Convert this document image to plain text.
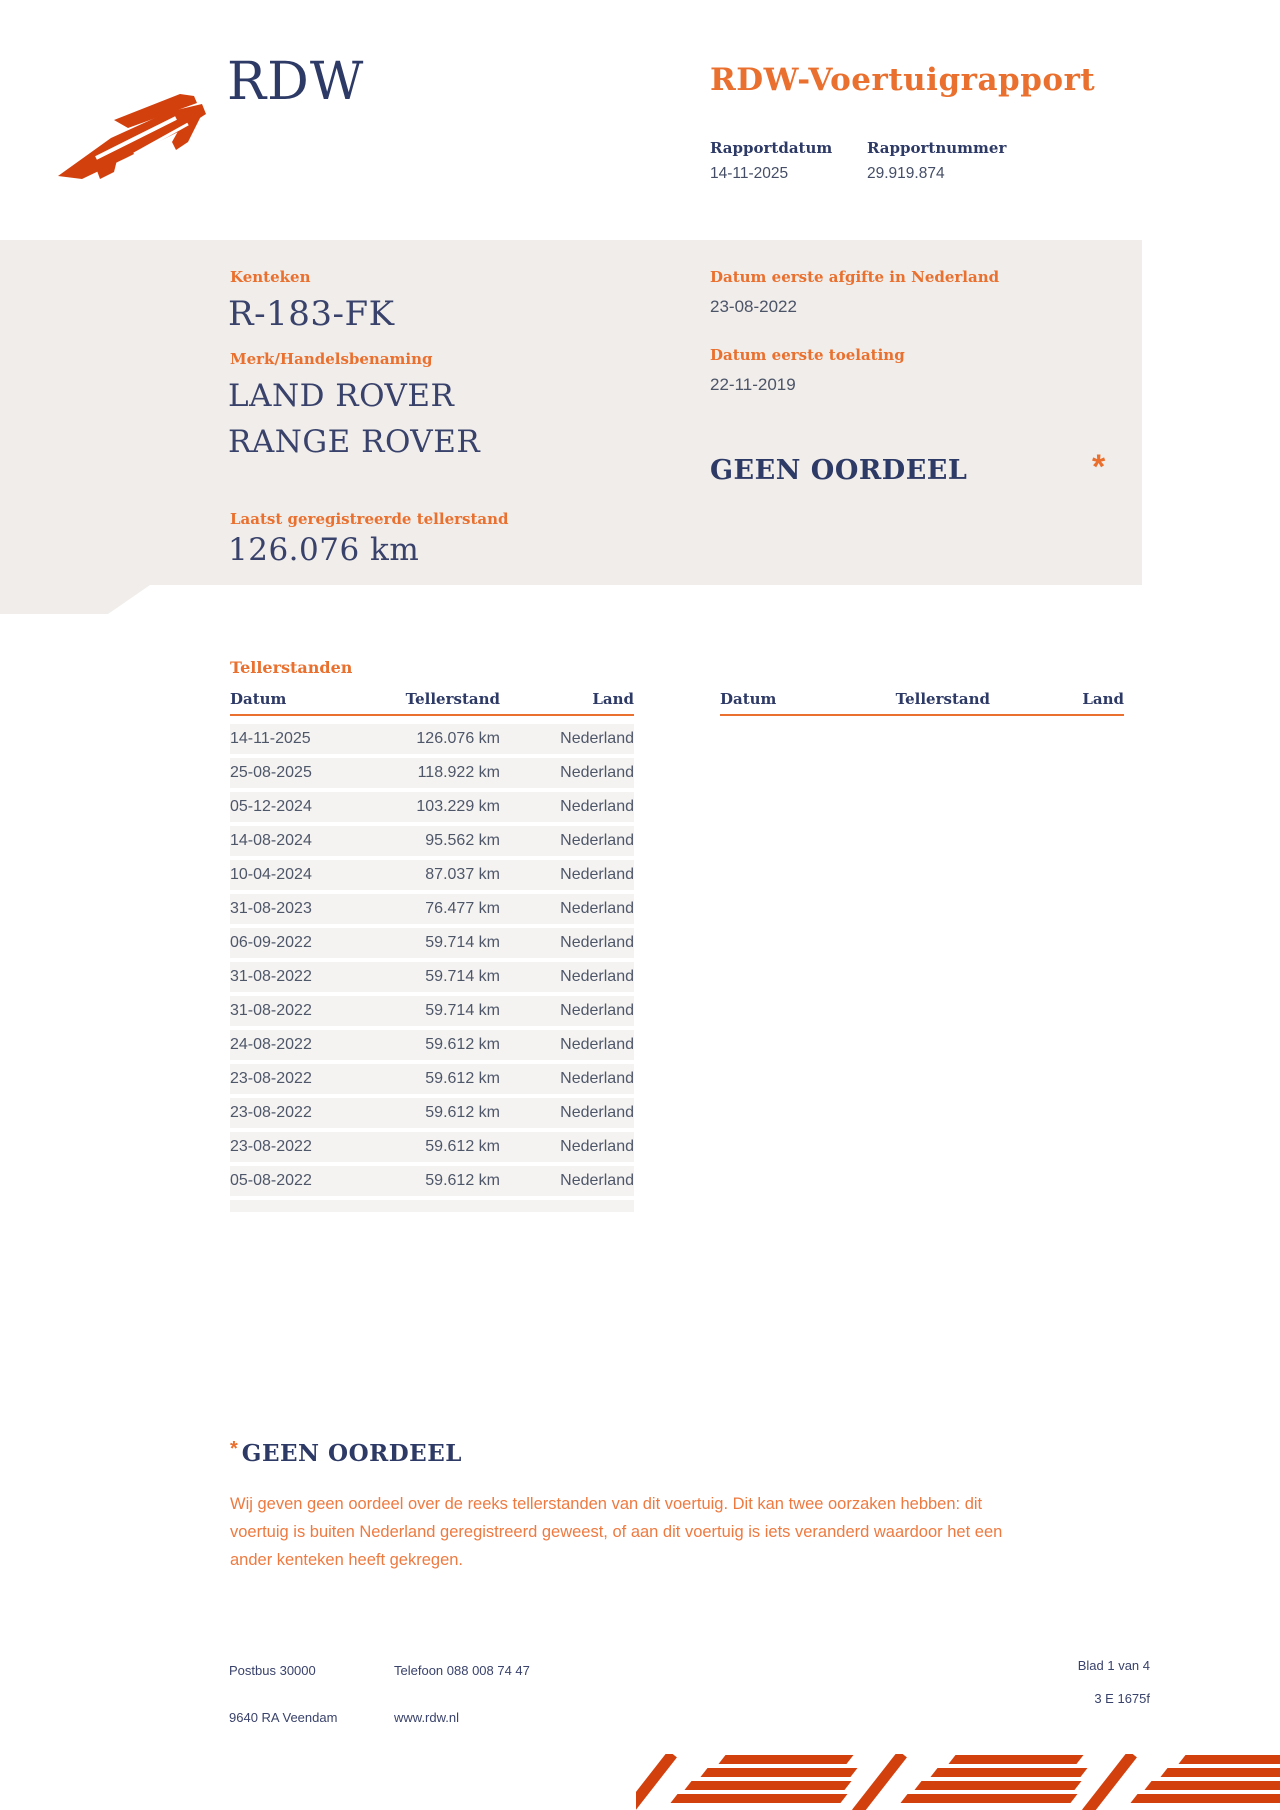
RDW	RDW-Voertuigrapport
Rapportdatum Rapportnummer
14-11-2025	29.919.874
Kenteken
R-183-FK
Merk/Handelsbenaming
LAND ROVER
RANGE ROVER
Laatst geregistreerde tellerstand
126.076 km
Datum eerste afgifte in Nederland
23-08-2022
Datum eerste toelating
22-11-2019
GEEN OORDEEL	*
Tellerstanden
Datum	Tellerstand	Land
14-11-2025	126.076 km	Nederland
25-08-2025	118.922 km	Nederland
05-12-2024	103.229 km	Nederland
14-08-2024	95.562 km	Nederland
10-04-2024	87.037 km	Nederland
31-08-2023	76.477 km	Nederland
06-09-2022	59.714 km	Nederland
31-08-2022	59.714 km	Nederland
31-08-2022	59.714 km	Nederland
24-08-2022	59.612 km	Nederland
23-08-2022	59.612 km	Nederland
23-08-2022	59.612 km	Nederland
23-08-2022	59.612 km	Nederland
05-08-2022	59.612 km	Nederland
Datum	Tellerstand	Land
* GEEN OORDEEL
Wij geven geen oordeel over de reeks tellerstanden van dit voertuig. Dit kan twee oorzaken hebben: dit
voertuig is buiten Nederland geregistreerd geweest, of aan dit voertuig is iets veranderd waardoor het een
ander kenteken heeft gekregen.
Postbus 30000
9640 RA Veendam
Telefoon 088 008 74 47
www.rdw.nl
Blad 1 van 4
3 E 1675f
